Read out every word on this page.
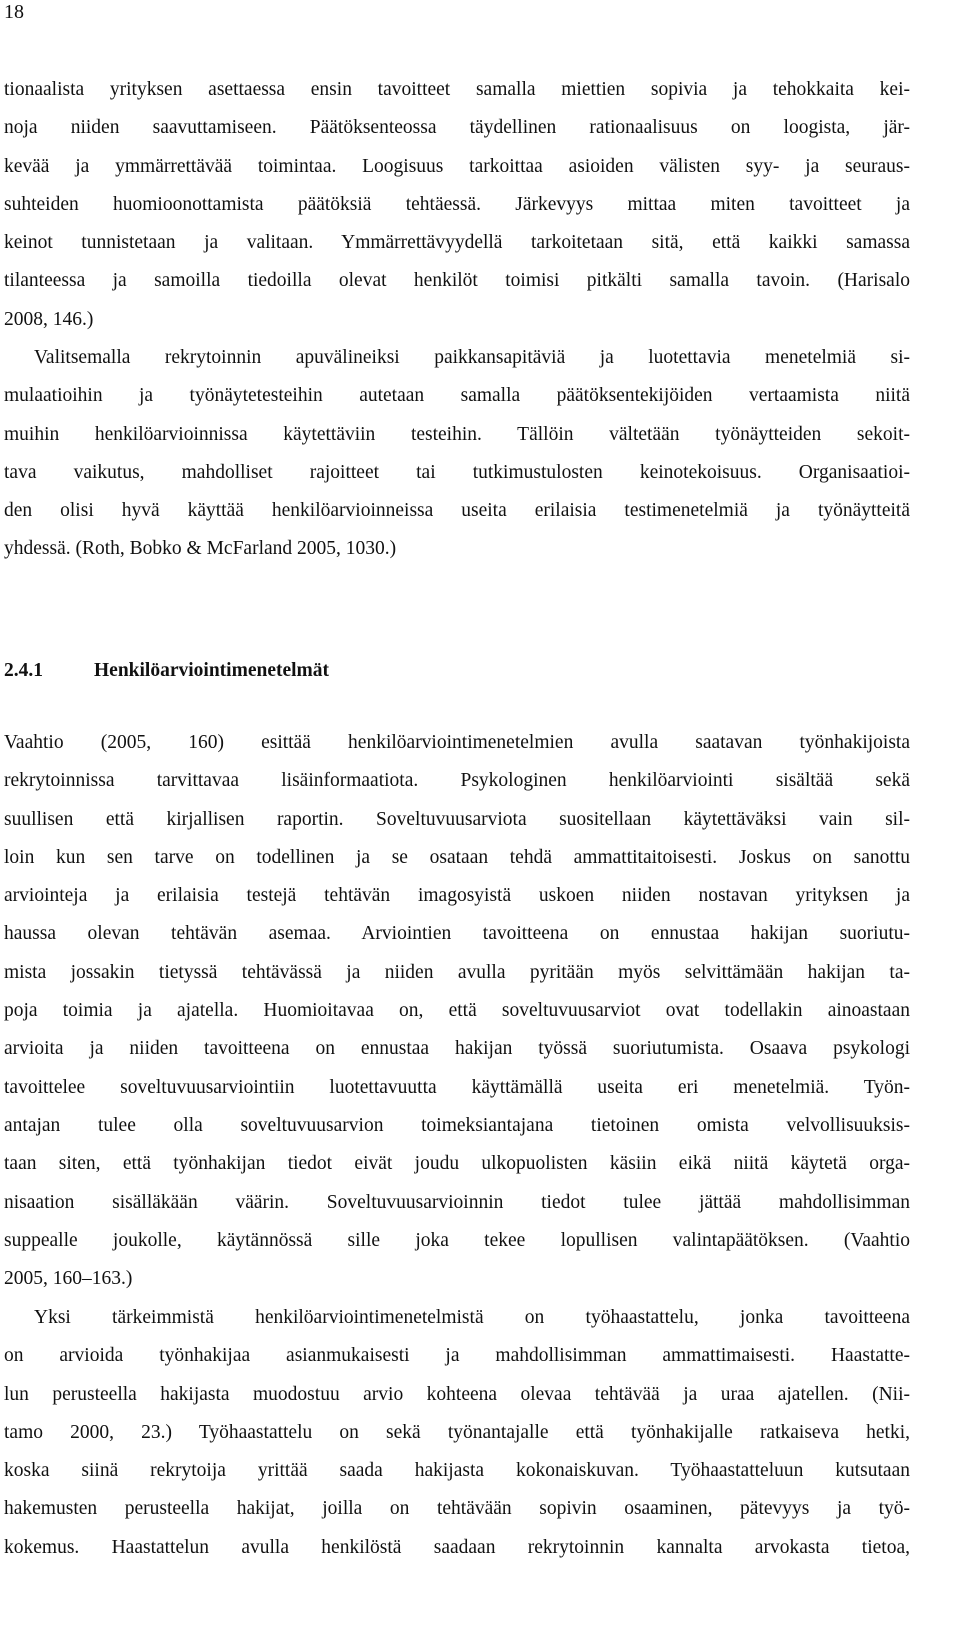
18
tionaalista yrityksen asettaessa ensin tavoitteet samalla miettien sopivia ja tehokkaita kei-
noja niiden saavuttamiseen. Päätöksenteossa täydellinen rationaalisuus on loogista, jär-
kevää ja ymmärrettävää toimintaa. Loogisuus tarkoittaa asioiden välisten syy- ja seuraus-
suhteiden huomioonottamista päätöksiä tehtäessä. Järkevyys mittaa miten tavoitteet ja
keinot tunnistetaan ja valitaan. Ymmärrettävyydellä tarkoitetaan sitä, että kaikki samassa
tilanteessa ja samoilla tiedoilla olevat henkilöt toimisi pitkälti samalla tavoin. (Harisalo
2008, 146.)
Valitsemalla rekrytoinnin apuvälineiksi paikkansapitäviä ja luotettavia menetelmiä si-
mulaatioihin ja työnäytetesteihin autetaan samalla päätöksentekijöiden vertaamista niitä
muihin henkilöarvioinnissa käytettäviin testeihin. Tällöin vältetään työnäytteiden sekoit-
tava vaikutus, mahdolliset rajoitteet tai tutkimustulosten keinotekoisuus. Organisaatioi-
den olisi hyvä käyttää henkilöarvioinneissa useita erilaisia testimenetelmiä ja työnäytteitä
yhdessä. (Roth, Bobko & McFarland 2005, 1030.)
2.4.1	Henkilöarviointimenetelmät
Vaahtio (2005, 160) esittää henkilöarviointimenetelmien avulla saatavan työnhakijoista
rekrytoinnissa tarvittavaa lisäinformaatiota. Psykologinen henkilöarviointi sisältää sekä
suullisen että kirjallisen raportin. Soveltuvuusarviota suositellaan käytettäväksi vain sil-
loin kun sen tarve on todellinen ja se osataan tehdä ammattitaitoisesti. Joskus on sanottu
arviointeja ja erilaisia testejä tehtävän imagosyistä uskoen niiden nostavan yrityksen ja
haussa olevan tehtävän asemaa. Arviointien tavoitteena on ennustaa hakijan suoriutu-
mista jossakin tietyssä tehtävässä ja niiden avulla pyritään myös selvittämään hakijan ta-
poja toimia ja ajatella. Huomioitavaa on, että soveltuvuusarviot ovat todellakin ainoastaan
arvioita ja niiden tavoitteena on ennustaa hakijan työssä suoriutumista. Osaava psykologi
tavoittelee soveltuvuusarviointiin luotettavuutta käyttämällä useita eri menetelmiä. Työn-
antajan tulee olla soveltuvuusarvion toimeksiantajana tietoinen omista velvollisuuksis-
taan siten, että työnhakijan tiedot eivät joudu ulkopuolisten käsiin eikä niitä käytetä orga-
nisaation sisälläkään väärin. Soveltuvuusarvioinnin tiedot tulee jättää mahdollisimman
suppealle joukolle, käytännössä sille joka tekee lopullisen valintapäätöksen. (Vaahtio
2005, 160–163.)
Yksi tärkeimmistä henkilöarviointimenetelmistä on työhaastattelu, jonka tavoitteena
on arvioida työnhakijaa asianmukaisesti ja mahdollisimman ammattimaisesti. Haastatte-
lun perusteella hakijasta muodostuu arvio kohteena olevaa tehtävää ja uraa ajatellen. (Nii-
tamo 2000, 23.) Työhaastattelu on sekä työnantajalle että työnhakijalle ratkaiseva hetki,
koska siinä rekrytoija yrittää saada hakijasta kokonaiskuvan. Työhaastatteluun kutsutaan
hakemusten perusteella hakijat, joilla on tehtävään sopivin osaaminen, pätevyys ja työ-
kokemus. Haastattelun avulla henkilöstä saadaan rekrytoinnin kannalta arvokasta tietoa,
